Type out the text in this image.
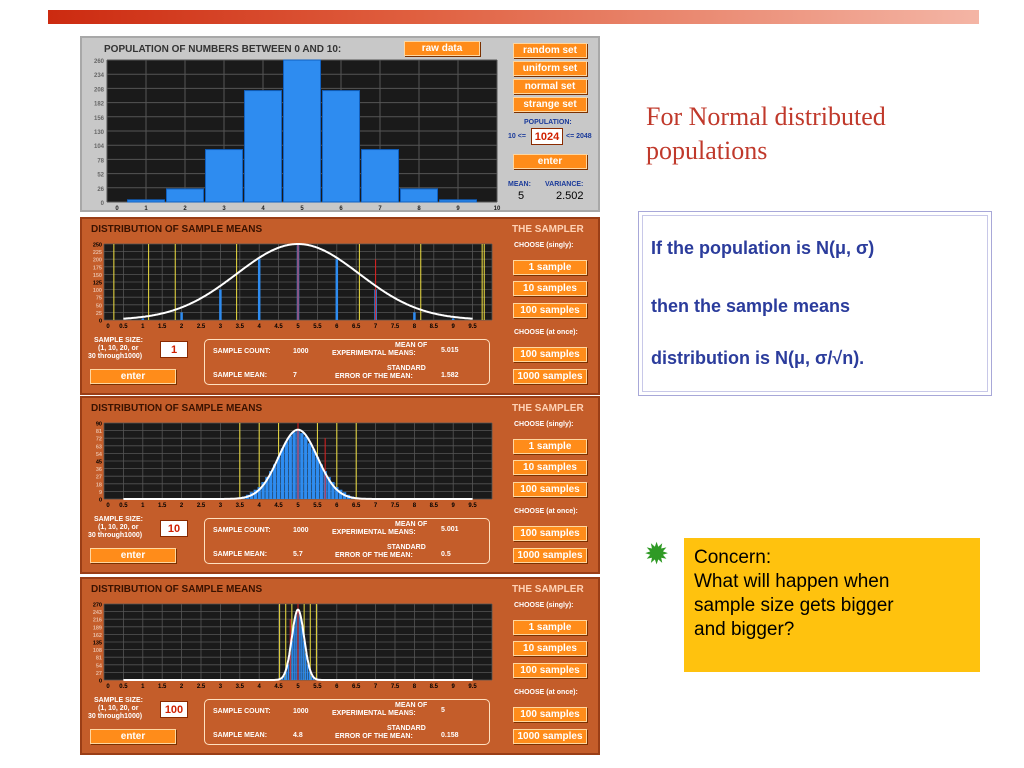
POPULATION OF NUMBERS BETWEEN 0 AND 10:	raw data	random set
uniform set
normal set
strange set
POPULATION:
10 <= 1024 <= 2048
enter
MEAN:
5
VARIANCE:
2.502
260
234
208
182
156
130
104
78
52
26
0
0	1	2	3	4	5	6	7	8	9	10
DISTRIBUTION OF SAMPLE MEANS	THE SAMPLER
CHOOSE (singly):
1 sample
10 samples
100 samples
CHOOSE (at once):
100 samples
1000 samples
SAMPLE SIZE:
(1, 10, 20, or
30 through1000)
1
enter
SAMPLE COUNT:	1000
SAMPLE MEAN:	7
MEAN OF
EXPERIMENTAL MEANS:	5.015
STANDARD
ERROR OF THE MEAN:	1.582
250
225
200
175
150
125
100
75
50
25
0
0 0.5 1 1.5 2 2.5 3 3.5 4 4.5 5 5.5 6 6.5 7 7.5 8 8.5 9 9.5
DISTRIBUTION OF SAMPLE MEANS	THE SAMPLER
CHOOSE (singly):
1 sample
10 samples
100 samples
CHOOSE (at once):
100 samples
1000 samples
SAMPLE SIZE:
(1, 10, 20, or
30 through1000)
10
enter
SAMPLE COUNT:	1000
SAMPLE MEAN:	5.7
MEAN OF
EXPERIMENTAL MEANS:	5.001
STANDARD
ERROR OF THE MEAN:	0.5
90
81
72
63
54
45
36
27
18
9
0
0 0.5 1 1.5 2 2.5 3 3.5 4 4.5 5 5.5 6 6.5 7 7.5 8 8.5 9 9.5
DISTRIBUTION OF SAMPLE MEANS	THE SAMPLER
CHOOSE (singly):
1 sample
10 samples
100 samples
CHOOSE (at once):
100 samples
1000 samples
SAMPLE SIZE:
(1, 10, 20, or
30 through1000)
100
enter
SAMPLE COUNT:	1000
SAMPLE MEAN:	4.8
MEAN OF
EXPERIMENTAL MEANS:	5
STANDARD
ERROR OF THE MEAN:	0.158
270
243
216
189
162
135
108
81
54
27
0
0 0.5 1 1.5 2 2.5 3 3.5 4 4.5 5 5.5 6 6.5 7 7.5 8 8.5 9 9.5
For Normal distributed populations
If the population is N(μ, σ)
then the sample means
distribution is N(μ, σ/√n).
✹ Concern:
What will happen when
sample size gets bigger
and bigger?
